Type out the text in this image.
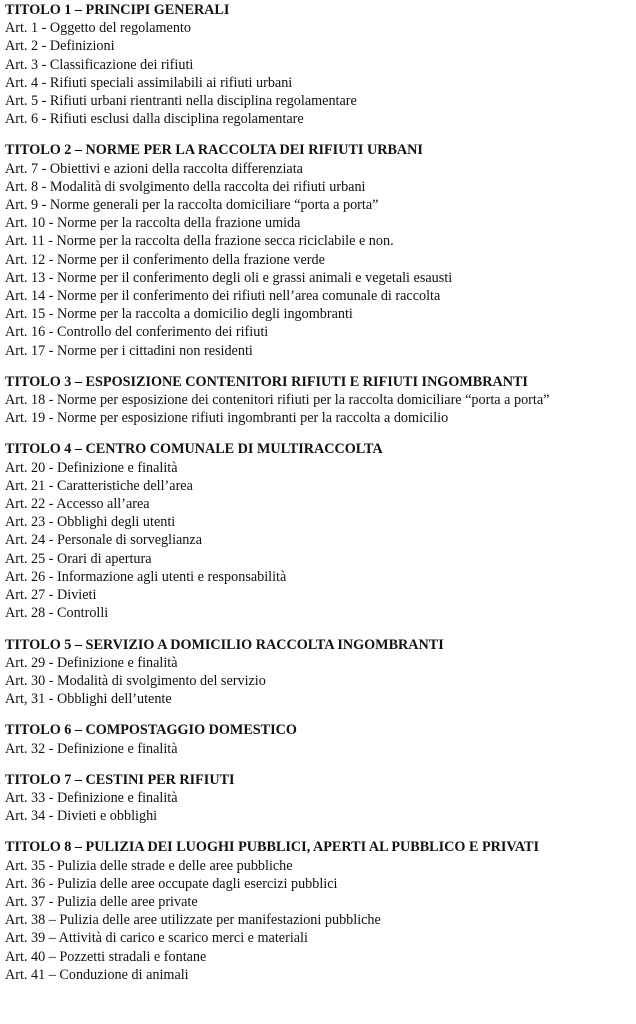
TITOLO 1 – PRINCIPI GENERALI

Art. 1 - Oggetto del regolamento
Art. 2 - Definizioni
Art. 3 - Classificazione dei rifiuti
Art. 4 - Rifiuti speciali assimilabili ai rifiuti urbani
Art. 5 - Rifiuti urbani rientranti nella disciplina regolamentare
Art. 6 - Rifiuti esclusi dalla disciplina regolamentare

TITOLO 2 – NORME PER LA RACCOLTA DEI RIFIUTI URBANI

Art. 7 - Obiettivi e azioni della raccolta differenziata
Art. 8 - Modalità di svolgimento della raccolta dei rifiuti urbani
Art. 9 - Norme generali per la raccolta domiciliare “porta a porta”
Art. 10 - Norme per la raccolta della frazione umida
Art. 11 - Norme per la raccolta della frazione secca riciclabile e non.
Art. 12 - Norme per il conferimento della frazione verde
Art. 13 - Norme per il conferimento degli oli e grassi animali e vegetali esausti
Art. 14 - Norme per il conferimento dei rifiuti nell’area comunale di raccolta
Art. 15 - Norme per la raccolta a domicilio degli ingombranti
Art. 16 - Controllo del conferimento dei rifiuti
Art. 17 - Norme per i cittadini non residenti

TITOLO 3 – ESPOSIZIONE CONTENITORI RIFIUTI E RIFIUTI INGOMBRANTI

Art. 18 - Norme per esposizione dei contenitori rifiuti per la raccolta domiciliare “porta a porta”
Art. 19 - Norme per esposizione rifiuti ingombranti per la raccolta a domicilio

TITOLO 4 – CENTRO COMUNALE DI MULTIRACCOLTA

Art. 20 - Definizione e finalità
Art. 21 - Caratteristiche dell’area
Art. 22 - Accesso all’area
Art. 23 - Obblighi degli utenti
Art. 24 - Personale di sorveglianza
Art. 25 - Orari di apertura
Art. 26 - Informazione agli utenti e responsabilità
Art. 27 - Divieti
Art. 28 - Controlli

TITOLO 5 – SERVIZIO A DOMICILIO RACCOLTA INGOMBRANTI

Art. 29 - Definizione e finalità
Art. 30 - Modalità di svolgimento del servizio
Art, 31 - Obblighi dell’utente

TITOLO 6 – COMPOSTAGGIO DOMESTICO

Art. 32 - Definizione e finalità

TITOLO 7 – CESTINI PER RIFIUTI

Art. 33 - Definizione e finalità
Art. 34 - Divieti e obblighi

TITOLO 8 – PULIZIA DEI LUOGHI PUBBLICI, APERTI AL PUBBLICO E PRIVATI

Art. 35 - Pulizia delle strade e delle aree pubbliche
Art. 36 - Pulizia delle aree occupate dagli esercizi pubblici
Art. 37 - Pulizia delle aree private
Art. 38 – Pulizia delle aree utilizzate per manifestazioni pubbliche
Art. 39 – Attività di carico e scarico merci e materiali
Art. 40 – Pozzetti stradali e fontane
Art. 41 – Conduzione di animali
